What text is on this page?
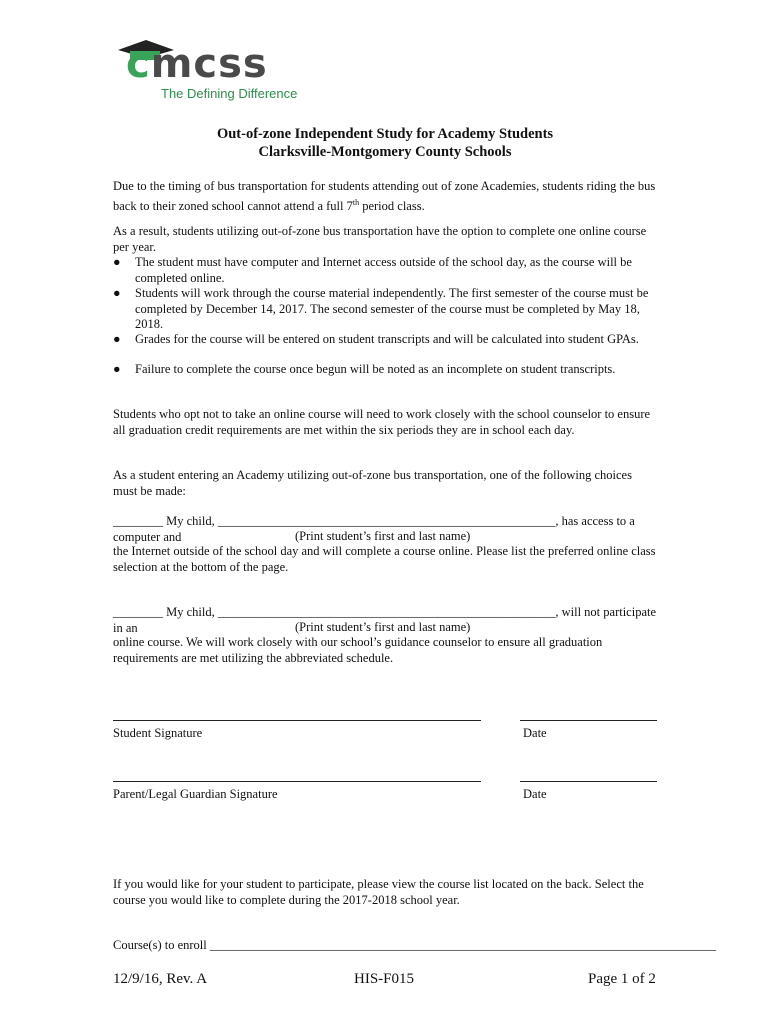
cmcss
The Defining Difference
Out-of-zone Independent Study for Academy Students
Clarksville-Montgomery County Schools
Due to the timing of bus transportation for students attending out of zone Academies, students riding the bus back to their zoned school cannot attend a full 7th period class.
As a result, students utilizing out-of-zone bus transportation have the option to complete one online course per year.
● The student must have computer and Internet access outside of the school day, as the course will be completed online.
● Students will work through the course material independently. The first semester of the course must be completed by December 14, 2017. The second semester of the course must be completed by May 18, 2018.
● Grades for the course will be entered on student transcripts and will be calculated into student GPAs.
● Failure to complete the course once begun will be noted as an incomplete on student transcripts.
Students who opt not to take an online course will need to work closely with the school counselor to ensure all graduation credit requirements are met within the six periods they are in school each day.
As a student entering an Academy utilizing out-of-zone bus transportation, one of the following choices must be made:
________ My child, ______________________________________________________, has access to a computer and	(Print student’s first and last name)
the Internet outside of the school day and will complete a course online. Please list the preferred online class selection at the bottom of the page.
________ My child, ______________________________________________________, will not participate in an	(Print student’s first and last name)
online course. We will work closely with our school’s guidance counselor to ensure all graduation requirements are met utilizing the abbreviated schedule.
Student Signature	Date
Parent/Legal Guardian Signature	Date
If you would like for your student to participate, please view the course list located on the back. Select the course you would like to complete during the 2017-2018 school year.
Course(s) to enroll _________________________________________________________________________________
12/9/16, Rev. A	HIS-F015	Page 1 of 2
